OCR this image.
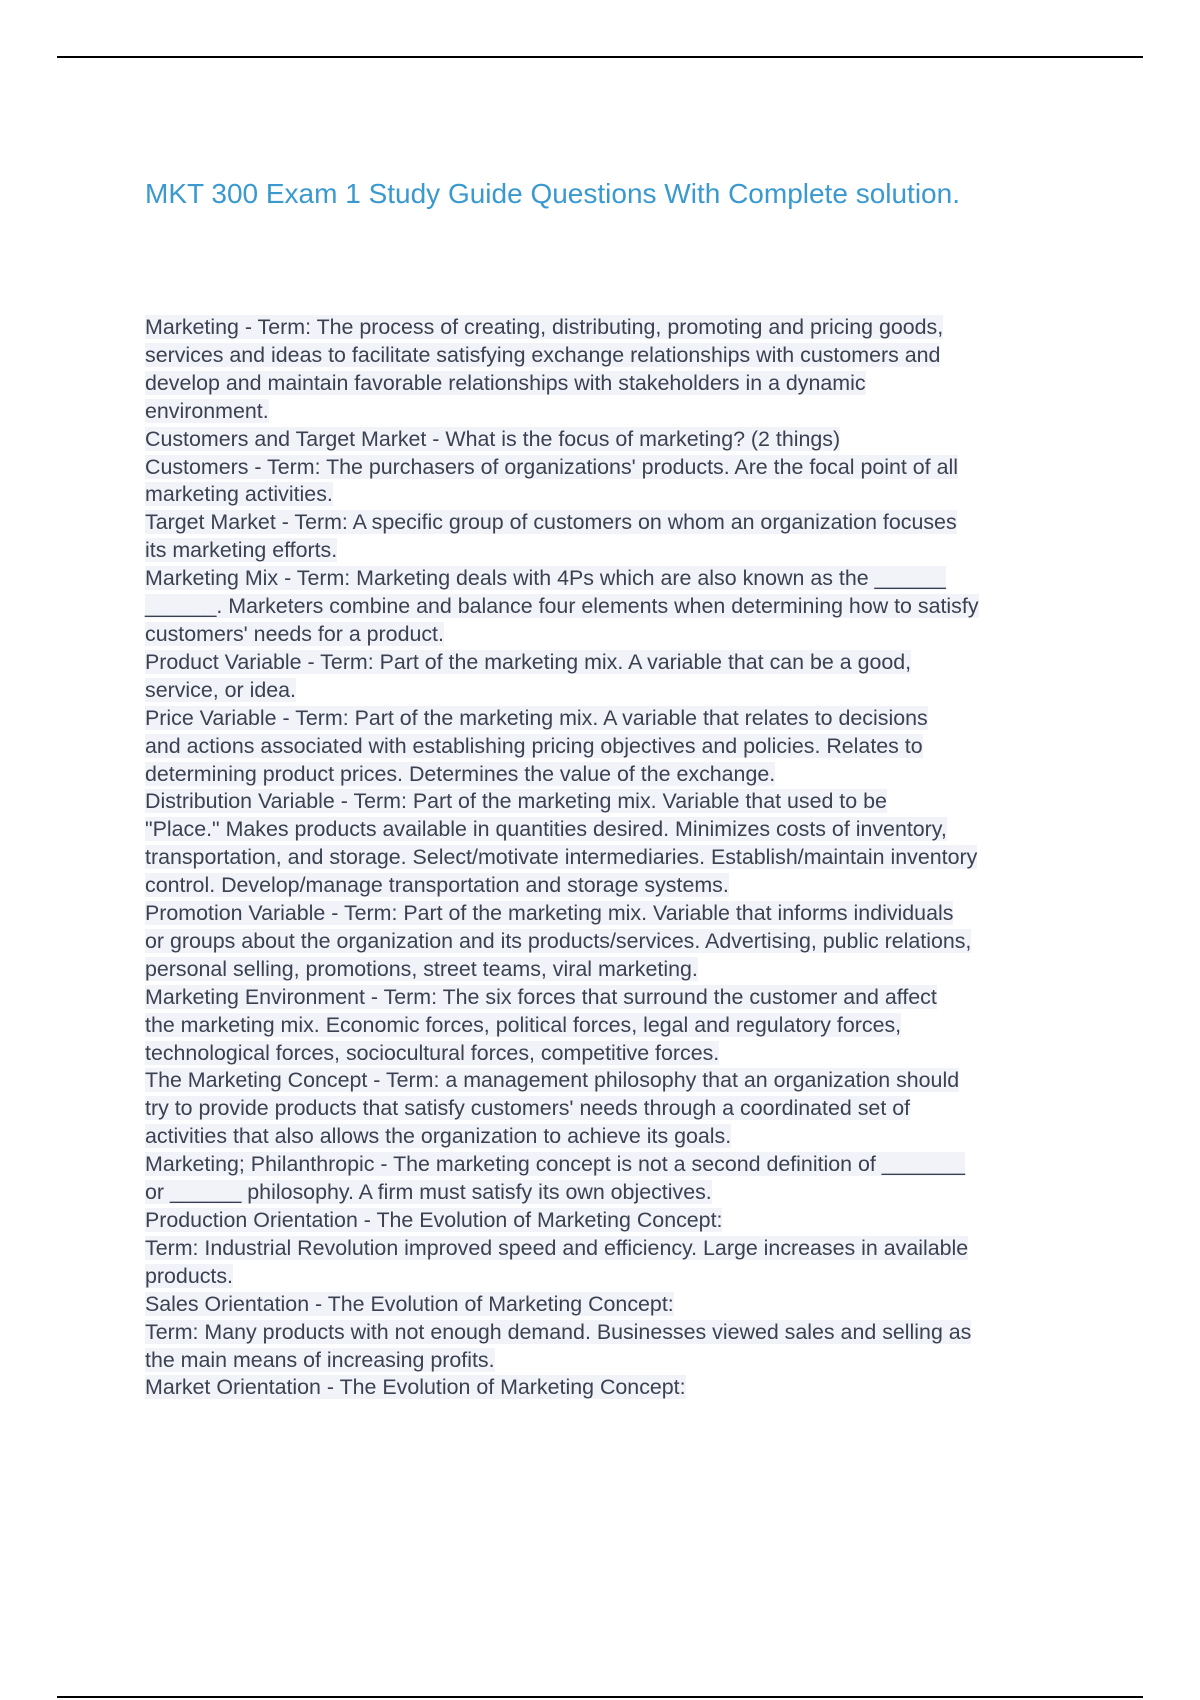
MKT 300 Exam 1 Study Guide Questions With Complete solution.
Marketing - Term: The process of creating, distributing, promoting and pricing goods,
services and ideas to facilitate satisfying exchange relationships with customers and
develop and maintain favorable relationships with stakeholders in a dynamic
environment.
Customers and Target Market - What is the focus of marketing? (2 things)
Customers - Term: The purchasers of organizations' products. Are the focal point of all
marketing activities.
Target Market - Term: A specific group of customers on whom an organization focuses
its marketing efforts.
Marketing Mix - Term: Marketing deals with 4Ps which are also known as the ______
______. Marketers combine and balance four elements when determining how to satisfy
customers' needs for a product.
Product Variable - Term: Part of the marketing mix. A variable that can be a good,
service, or idea.
Price Variable - Term: Part of the marketing mix. A variable that relates to decisions
and actions associated with establishing pricing objectives and policies. Relates to
determining product prices. Determines the value of the exchange.
Distribution Variable - Term: Part of the marketing mix. Variable that used to be
"Place." Makes products available in quantities desired. Minimizes costs of inventory,
transportation, and storage. Select/motivate intermediaries. Establish/maintain inventory
control. Develop/manage transportation and storage systems.
Promotion Variable - Term: Part of the marketing mix. Variable that informs individuals
or groups about the organization and its products/services. Advertising, public relations,
personal selling, promotions, street teams, viral marketing.
Marketing Environment - Term: The six forces that surround the customer and affect
the marketing mix. Economic forces, political forces, legal and regulatory forces,
technological forces, sociocultural forces, competitive forces.
The Marketing Concept - Term: a management philosophy that an organization should
try to provide products that satisfy customers' needs through a coordinated set of
activities that also allows the organization to achieve its goals.
Marketing; Philanthropic - The marketing concept is not a second definition of _______
or ______ philosophy. A firm must satisfy its own objectives.
Production Orientation - The Evolution of Marketing Concept:
Term: Industrial Revolution improved speed and efficiency. Large increases in available
products.
Sales Orientation - The Evolution of Marketing Concept:
Term: Many products with not enough demand. Businesses viewed sales and selling as
the main means of increasing profits.
Market Orientation - The Evolution of Marketing Concept:
